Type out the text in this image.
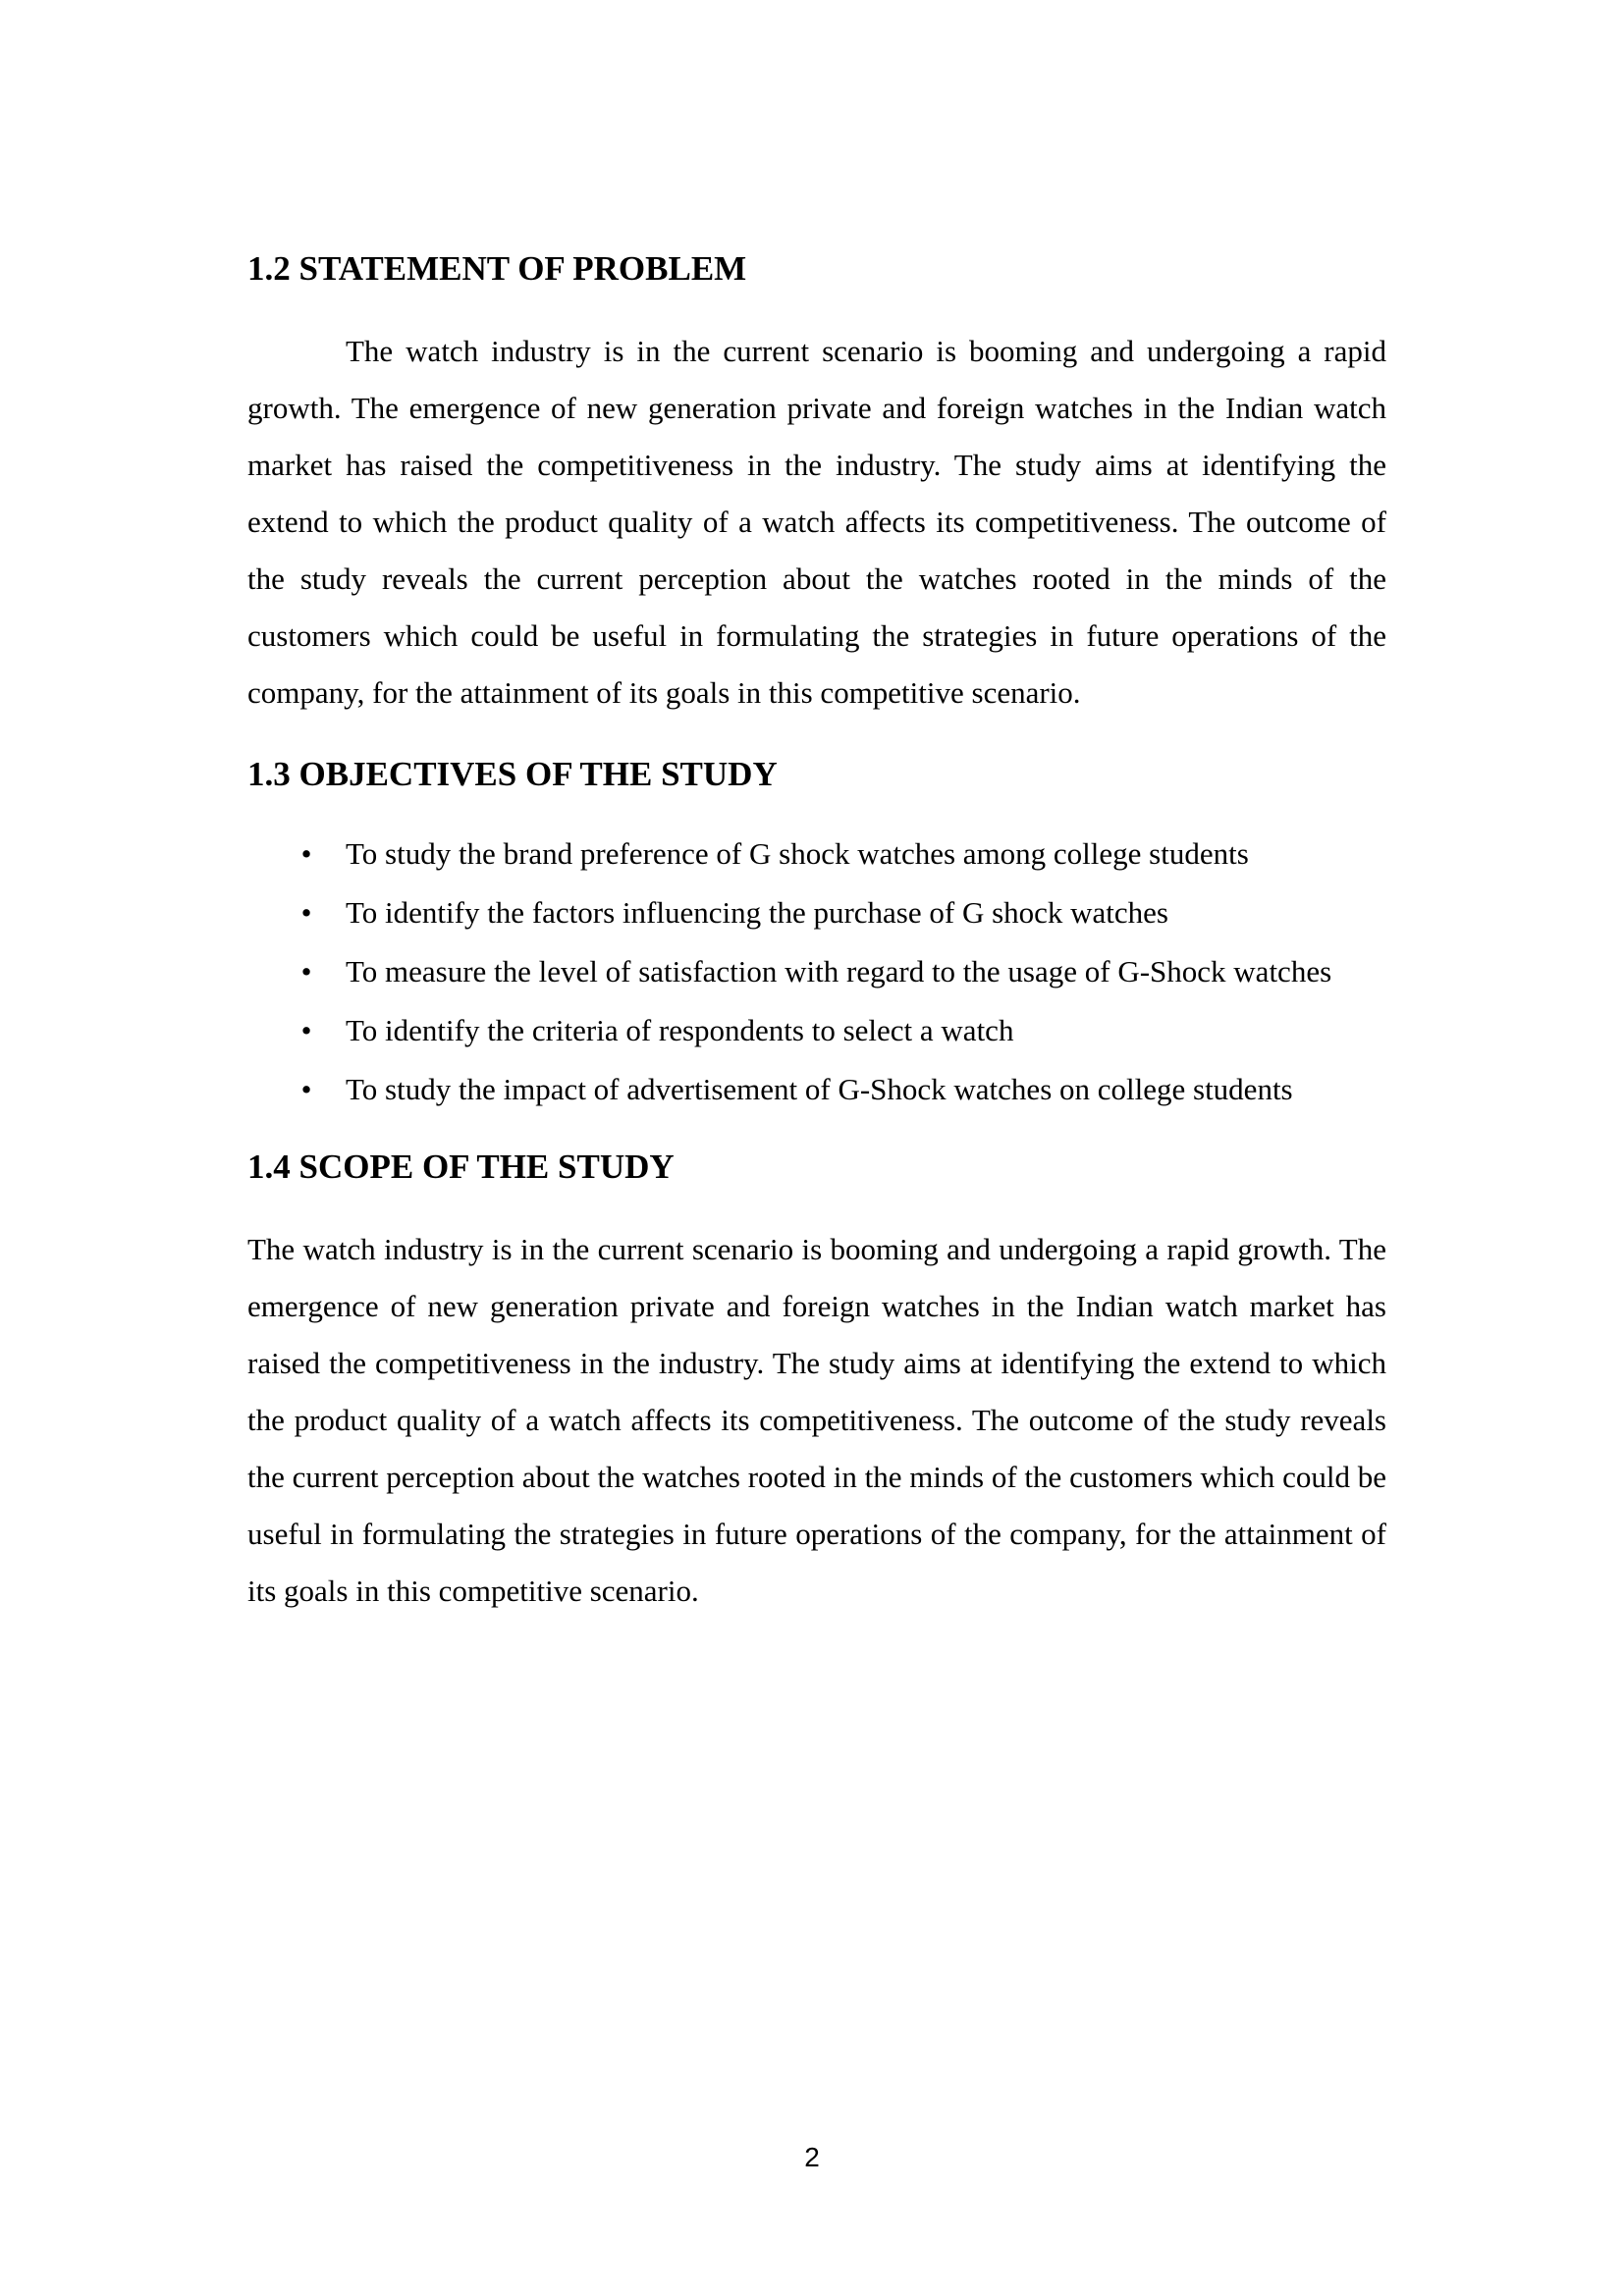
1.2 STATEMENT OF PROBLEM

The watch industry is in the current scenario is booming and undergoing a rapid growth. The emergence of new generation private and foreign watches in the Indian watch market has raised the competitiveness in the industry. The study aims at identifying the extend to which the product quality of a watch affects its competitiveness. The outcome of the study reveals the current perception about the watches rooted in the minds of the customers which could be useful in formulating the strategies in future operations of the company, for the attainment of its goals in this competitive scenario.

1.3 OBJECTIVES OF THE STUDY
• To study the brand preference of G shock watches among college students
• To identify the factors influencing the purchase of G shock watches
• To measure the level of satisfaction with regard to the usage of G-Shock watches
• To identify the criteria of respondents to select a watch
• To study the impact of advertisement of G-Shock watches on college students
1.4 SCOPE OF THE STUDY

The watch industry is in the current scenario is booming and undergoing a rapid growth. The emergence of new generation private and foreign watches in the Indian watch market has raised the competitiveness in the industry. The study aims at identifying the extend to which the product quality of a watch affects its competitiveness. The outcome of the study reveals the current perception about the watches rooted in the minds of the customers which could be useful in formulating the strategies in future operations of the company, for the attainment of its goals in this competitive scenario.

2
